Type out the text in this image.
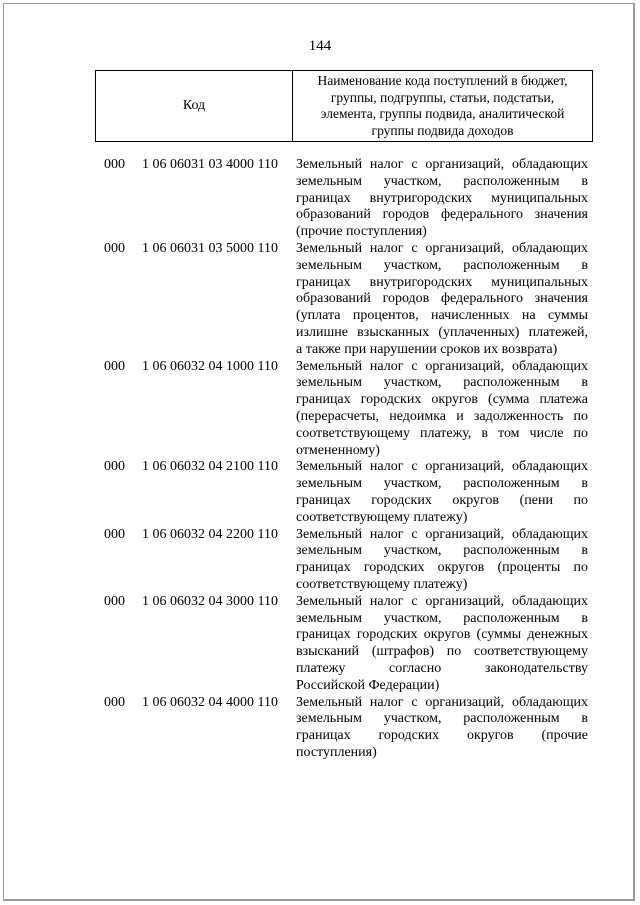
144
Код
Наименование кода поступлений в бюджет,
группы, подгруппы, статьи, подстатьи,
элемента, группы подвида, аналитической
группы подвида доходов
000	1 06 06031 03 4000 110	Земельный налог с организаций, обладающих
земельным участком, расположенным в
границах внутригородских муниципальных
образований городов федерального значения
(прочие поступления)
000	1 06 06031 03 5000 110	Земельный налог с организаций, обладающих
земельным участком, расположенным в
границах внутригородских муниципальных
образований городов федерального значения
(уплата процентов, начисленных на суммы
излишне взысканных (уплаченных) платежей,
а также при нарушении сроков их возврата)
000	1 06 06032 04 1000 110	Земельный налог с организаций, обладающих
земельным участком, расположенным в
границах городских округов (сумма платежа
(перерасчеты, недоимка и задолженность по
соответствующему платежу, в том числе по
отмененному)
000	1 06 06032 04 2100 110	Земельный налог с организаций, обладающих
земельным участком, расположенным в
границах городских округов (пени по
соответствующему платежу)
000	1 06 06032 04 2200 110	Земельный налог с организаций, обладающих
земельным участком, расположенным в
границах городских округов (проценты по
соответствующему платежу)
000	1 06 06032 04 3000 110	Земельный налог с организаций, обладающих
земельным участком, расположенным в
границах городских округов (суммы денежных
взысканий (штрафов) по соответствующему
платежу согласно законодательству
Российской Федерации)
000	1 06 06032 04 4000 110	Земельный налог с организаций, обладающих
земельным участком, расположенным в
границах городских округов (прочие
поступления)
